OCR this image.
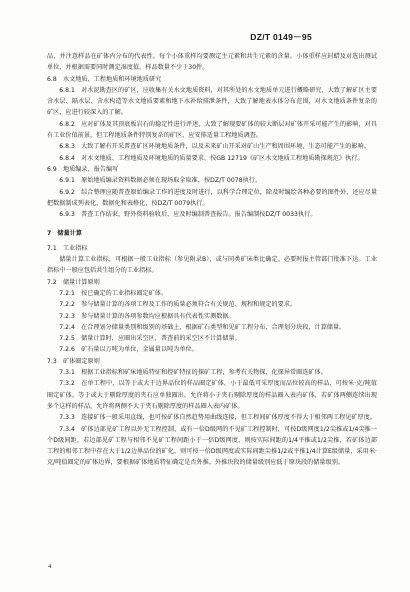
DZ/T 0149－95
品，并注意样品在矿体内分布的代表性。每个小体重样均要测定主元素和共生元素的含量。小体重样应封蜡及对选出测试单位，并根据需要同时测定湿度值。样品数量不少于30件。
6.8　水文地质、工程地质和环境地质研究
6.8.1　对水泥勘查区的矿区，应收集有关水文地质资料，对其所处的水文地质单元进行概略研究，大致了解矿区主要含水层、隔水层、含水构造等水文地质要素和地下水补给排泄条件，大致了解地表水体分布范围，对水文地质条件复杂的矿区，应进行较深入的了解。
6.8.2　应对矿体及其顶底板岩石的稳定性进行评述，大致了解现要矿体的较大断层对矿体开采可能产生的影响，对具有工业价值前景，但工程地质条件特别复杂的矿区，应安排适量工程地质调查。
6.8.3　大致了解有开采普查矿区环境地质条件，以及未来矿山开采对矿山生产和周围环境，生态可能产生的影响。
6.8.4　对水文地质、工程地质及环境地质的质量要求，按GB 12719《矿区水文地质工程地质勘探规范》执行。
6.9　地质编录、报告编写
6.9.1　原始地质编录资料数据必须在现场取全取准，按DZ/T 0078执行。
6.9.2　综合整理应随普查原始编录工作的进度及时进行，以科学合理定位，除及时编绘各种必要的图件外，还应尽量把数据制成列表化、数据化和表格化，按DZ/T 0079执行。
6.9.3　普查工作结束，野外资料验收后，应及时编制普查报告。报告编制按DZ/T 0033执行。
7　储量计算
7.1　工业指标
储量计算工业指标，可根据一般工业指标（参见附录B），或与同类矿床类比确定。必要时报主管部门批准下达。工业指标中一般应包括共生组分的工业指标。
7.2　储量计算原则
7.2.1　按已确定的工业指标圈定矿体。
7.2.2　参与储量计算的各项工程及工作的质量必须符合有关规范、规程和规定的要求。
7.2.3　参与储量计算的各项参数均应根据具有代表性实测数据。
7.2.4　在合理划分储量类别和级别的基础上，根据矿石类型和见矿工程分布，合理划分块段，计算储量。
7.2.5　储量计算时，应圈出采空区，普查前的采空区不计算储量。
7.2.6　矿石量以万吨为单位，金属量以吨为单位。
7.3　矿体圈定原则
7.3.1　根据工业指标和矿床地质特征和控矿特征的探矿工程，参考有关物探、化探异常圈连矿体。
7.3.2　在单工程中，以等于或大于边界品位的样品圈定矿体，小于最低可采厚度而品位较高的样品，可按米·克/吨值圈定矿体。等于或大于剔除厚度的夹石应单独圈出。允许将小于夹石剔除厚度的样品圈入表内矿体，若矿体两侧连续出现多个这样的样品，允许将两侧不大于夹石剔除厚度的样品圈入表内矿体。
7.3.3　连接矿体一般采用直线，也可按矿体自然趋势用曲线连接，但工程间矿体厚度不得大于相邻两工程见矿厚度。
7.3.4　矿体边部见矿工程以外无工程控制，或有一倍D级网的不见矿工程控制时，可按D级网度1/2尖推或1/4尖推一个D级间距，若边部见矿工程与相邻不见矿工程间距小于一倍D级网度，则按实际间距的1/4平推或1/2尖推，若矿体边部工程的相邻工程中存在大于1/2边界品位的矿化，则可按一倍D级网度或实际间距尖推1/2或平推1/4计算E级储量，采用米·克/吨值圈定的矿体边界，要根据矿体地质特征确定是否外推。外推块段的储量级别应低于原块段的储量级别。
4
